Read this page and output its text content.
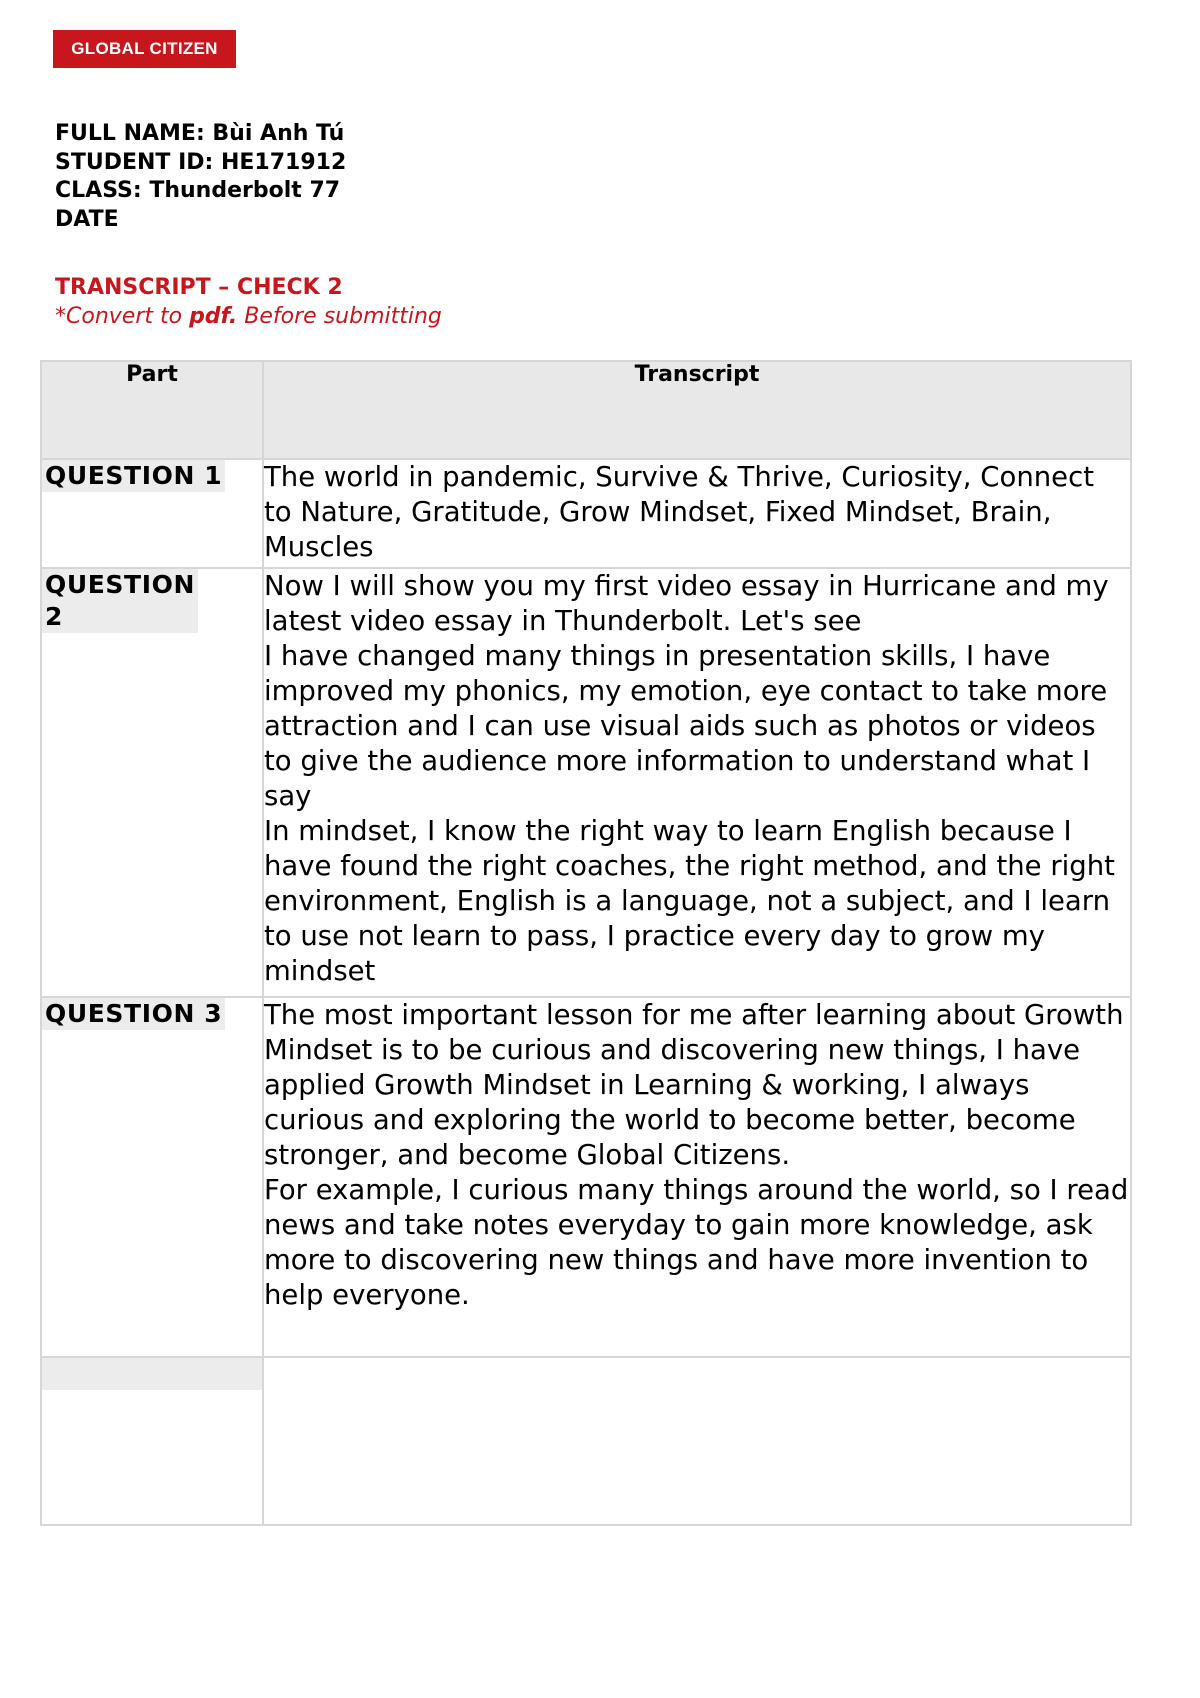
GLOBAL CITIZEN
FULL NAME: Bùi Anh Tú
STUDENT ID: HE171912
CLASS: Thunderbolt 77
DATE
TRANSCRIPT – CHECK 2
*Convert to pdf. Before submitting
Part	Transcript
QUESTION 1	The world in pandemic, Survive & Thrive, Curiosity, Connect to Nature, Gratitude, Grow Mindset, Fixed Mindset, Brain, Muscles

QUESTION 2	Now I will show you my first video essay in Hurricane and my latest video essay in Thunderbolt. Let's see

I have changed many things in presentation skills, I have improved my phonics, my emotion, eye contact to take more attraction and I can use visual aids such as photos or videos to give the audience more information to understand what I say

In mindset, I know the right way to learn English because I have found the right coaches, the right method, and the right environment, English is a language, not a subject, and I learn to use not learn to pass, I practice every day to grow my mindset

QUESTION 3	The most important lesson for me after learning about Growth Mindset is to be curious and discovering new things, I have applied Growth Mindset in Learning & working, I always curious and exploring the world to become better, become stronger, and become Global Citizens.

For example, I curious many things around the world, so I read news and take notes everyday to gain more knowledge, ask more to discovering new things and have more invention to help everyone.
